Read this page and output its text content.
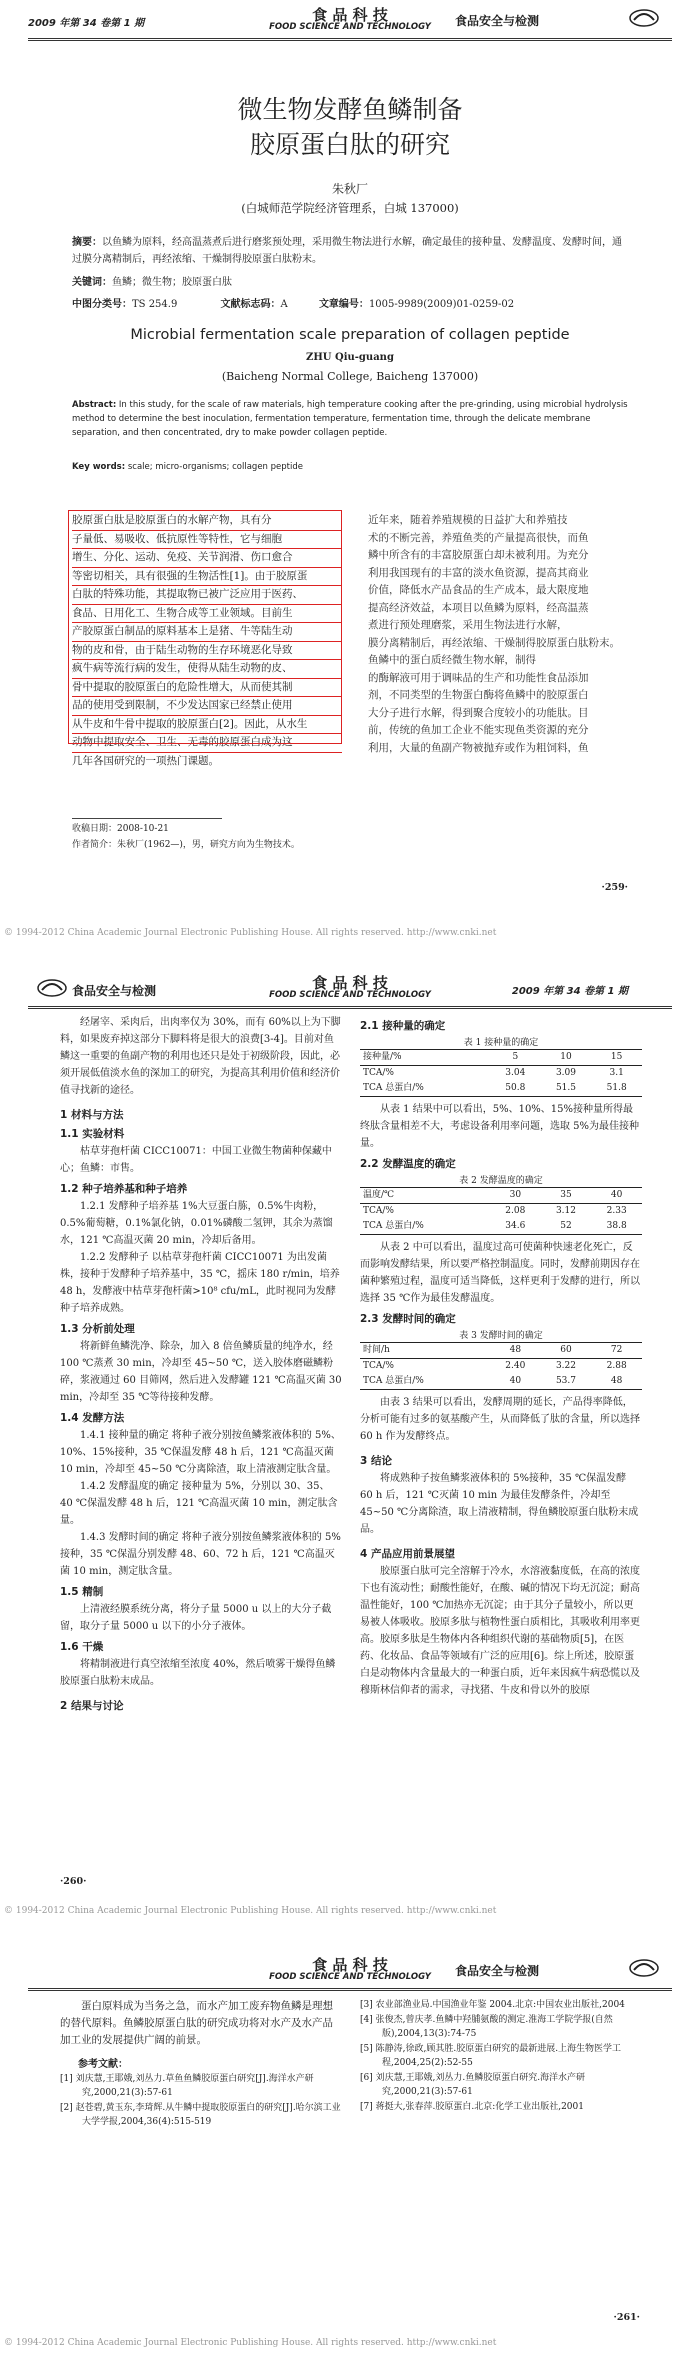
2009 年第 34 卷第 1 期	食 品 科 技
FOOD SCIENCE AND TECHNOLOGY	食品安全与检测
微生物发酵鱼鳞制备
胶原蛋白肽的研究
朱秋厂
(白城师范学院经济管理系，白城 137000)
摘要：以鱼鳞为原料，经高温蒸煮后进行磨浆预处理，采用微生物法进行水解，确定最佳的接种量、发酵温度、发酵时间，通过膜分离精制后，再经浓缩、干燥制得胶原蛋白肽粉末。
关键词：鱼鳞；微生物；胶原蛋白肽
中图分类号：TS 254.9	文献标志码：A	文章编号：1005-9989(2009)01-0259-02
Microbial fermentation scale preparation of collagen peptide
ZHU Qiu-guang
(Baicheng Normal College, Baicheng 137000)
Abstract: In this study, for the scale of raw materials, high temperature cooking after the pre-grinding, using microbial hydrolysis method to determine the best inoculation, fermentation temperature, fermentation time, through the delicate membrane separation, and then concentrated, dry to make powder collagen peptide.
Key words: scale; micro-organisms; collagen peptide
胶原蛋白肽是胶原蛋白的水解产物，具有分
子量低、易吸收、低抗原性等特性，它与细胞
增生、分化、运动、免疫、关节润滑、伤口愈合
等密切相关，具有很强的生物活性[1]。由于胶原蛋
白肽的特殊功能，其提取物已被广泛应用于医药、
食品、日用化工、生物合成等工业领域。目前生
产胶原蛋白制品的原料基本上是猪、牛等陆生动
物的皮和骨，由于陆生动物的生存环境恶化导致
疯牛病等流行病的发生，使得从陆生动物的皮、
骨中提取的胶原蛋白的危险性增大，从而使其制
品的使用受到限制，不少发达国家已经禁止使用
从牛皮和牛骨中提取的胶原蛋白[2]。因此，从水生
动物中提取安全、卫生、无毒的胶原蛋白成为这
几年各国研究的一项热门课题。
近年来，随着养殖规模的日益扩大和养殖技
术的不断完善，养殖鱼类的产量提高很快，而鱼
鳞中所含有的丰富胶原蛋白却未被利用。为充分
利用我国现有的丰富的淡水鱼资源，提高其商业
价值，降低水产品食品的生产成本，最大限度地
提高经济效益，本项目以鱼鳞为原料，经高温蒸
煮进行预处理磨浆，采用生物法进行水解，
膜分离精制后，再经浓缩、干燥制得胶原蛋白肽粉末。
鱼鳞中的蛋白质经微生物水解，制得
的酶解液可用于调味品的生产和功能性食品添加
剂，不同类型的生物蛋白酶将鱼鳞中的胶原蛋白
大分子进行水解，得到聚合度较小的功能肽。目
前，传统的鱼加工企业不能实现鱼类资源的充分
利用，大量的鱼副产物被抛弃或作为粗饲料，鱼
收稿日期：2008-10-21
作者简介：朱秋厂(1962—)，男，研究方向为生物技术。
·259·
© 1994-2012 China Academic Journal Electronic Publishing House. All rights reserved. http://www.cnki.net
食品安全与检测	食 品 科 技
FOOD SCIENCE AND TECHNOLOGY	2009 年第 34 卷第 1 期

经屠宰、采肉后，出肉率仅为 30%，而有 60%以上为下脚料，如果废弃掉这部分下脚料将是很大的浪费[3-4]。目前对鱼鳞这一重要的鱼副产物的利用也还只是处于初级阶段，因此，必须开展低值淡水鱼的深加工的研究，为提高其利用价值和经济价值寻找新的途径。

1 材料与方法
1.1 实验材料

枯草芽孢杆菌 CICC10071：中国工业微生物菌种保藏中心；鱼鳞：市售。

1.2 种子培养基和种子培养

1.2.1 发酵种子培养基 1%大豆蛋白胨，0.5%牛肉粉，0.5%葡萄糖，0.1%氯化钠，0.01%磷酸二氢钾，其余为蒸馏水，121 ℃高温灭菌 20 min，冷却后备用。

1.2.2 发酵种子 以枯草芽孢杆菌 CICC10071 为出发菌株，接种于发酵种子培养基中，35 ℃，摇床 180 r/min，培养 48 h，发酵液中枯草芽孢杆菌>10⁸ cfu/mL，此时视同为发酵种子培养成熟。

1.3 分析前处理

将新鲜鱼鳞洗净、除杂，加入 8 倍鱼鳞质量的纯净水，经 100 ℃蒸煮 30 min，冷却至 45~50 ℃，送入胶体磨磁鳞粉碎，浆液通过 60 目筛网，然后进入发酵罐 121 ℃高温灭菌 30 min，冷却至 35 ℃等待接种发酵。

1.4 发酵方法

1.4.1 接种量的确定 将种子液分别按鱼鳞浆液体积的 5%、10%、15%接种，35 ℃保温发酵 48 h 后，121 ℃高温灭菌 10 min，冷却至 45~50 ℃分离除渣，取上清液测定肽含量。

1.4.2 发酵温度的确定 接种量为 5%，分别以 30、35、40 ℃保温发酵 48 h 后，121 ℃高温灭菌 10 min，测定肽含量。

1.4.3 发酵时间的确定 将种子液分别按鱼鳞浆液体积的 5%接种，35 ℃保温分别发酵 48、60、72 h 后，121 ℃高温灭菌 10 min，测定肽含量。

1.5 精制

上清液经膜系统分离，将分子量 5000 u 以上的大分子截留，取分子量 5000 u 以下的小分子液体。

1.6 干燥

将精制液进行真空浓缩至浓度 40%，然后喷雾干燥得鱼鳞胶原蛋白肽粉末成品。

2 结果与讨论
2.1 接种量的确定
表 1 接种量的确定
接种量/%	5	10	15
TCA/%	3.04	3.09	3.1
TCA 总蛋白/%	50.8	51.5	51.8

从表 1 结果中可以看出，5%、10%、15%接种量所得最终肽含量相差不大，考虑设备利用率问题，选取 5%为最佳接种量。

2.2 发酵温度的确定
表 2 发酵温度的确定
温度/℃	30	35	40
TCA/%	2.08	3.12	2.33
TCA 总蛋白/%	34.6	52	38.8

从表 2 中可以看出，温度过高可使菌种快速老化死亡，反而影响发酵结果，所以要严格控制温度。同时，发酵前期因存在菌种繁殖过程，温度可适当降低，这样更利于发酵的进行，所以选择 35 ℃作为最佳发酵温度。

2.3 发酵时间的确定
表 3 发酵时间的确定
时间/h	48	60	72
TCA/%	2.40	3.22	2.88
TCA 总蛋白/%	40	53.7	48

由表 3 结果可以看出，发酵周期的延长，产品得率降低，分析可能有过多的氨基酸产生，从而降低了肽的含量，所以选择 60 h 作为发酵终点。

3 结论

将成熟种子按鱼鳞浆液体积的 5%接种，35 ℃保温发酵 60 h 后，121 ℃灭菌 10 min 为最佳发酵条件，冷却至 45~50 ℃分离除渣，取上清液精制，得鱼鳞胶原蛋白肽粉末成品。

4 产品应用前景展望

胶原蛋白肽可完全溶解于冷水，水溶液黏度低，在高的浓度下也有流动性；耐酸性能好，在酸、碱的情况下均无沉淀；耐高温性能好，100 ℃加热亦无沉淀；由于其分子量较小，所以更易被人体吸收。胶原多肽与植物性蛋白质相比，其吸收利用率更高。胶原多肽是生物体内各种组织代谢的基础物质[5]，在医药、化妆品、食品等领域有广泛的应用[6]。综上所述，胶原蛋白是动物体内含量最大的一种蛋白质，近年来因疯牛病恐慌以及穆斯林信仰者的需求，寻找猪、牛皮和骨以外的胶原

·260·
© 1994-2012 China Academic Journal Electronic Publishing House. All rights reserved. http://www.cnki.net
食 品 科 技
FOOD SCIENCE AND TECHNOLOGY	食品安全与检测

蛋白原料成为当务之急，而水产加工废弃物鱼鳞是理想的替代原料。鱼鳞胶原蛋白肽的研究成功将对水产及水产品加工业的发展提供广阔的前景。

参考文献：
[1] 刘庆慧,王耶娥,刘丛力.草鱼鱼鳞胶原蛋白研究[J].海洋水产研究,2000,21(3):57-61
[2] 赵苍碧,黄玉东,李琦辉.从牛鳞中提取胶原蛋白的研究[J].哈尔滨工业大学学报,2004,36(4):515-519
[3] 农业部渔业局.中国渔业年鉴 2004.北京:中国农业出版社,2004
[4] 张俊杰,曾庆孝.鱼鳞中羟脯氨酸的测定.淮海工学院学报(自然版),2004,13(3):74-75
[5] 陈静涛,徐政,顾其胜.胶原蛋白研究的最新进展.上海生物医学工程,2004,25(2):52-55
[6] 刘庆慧,王耶娥,刘丛力.鱼鳞胶原蛋白研究.海洋水产研究,2000,21(3):57-61
[7] 蒋挺大,张春萍.胶原蛋白.北京:化学工业出版社,2001
·261·
© 1994-2012 China Academic Journal Electronic Publishing House. All rights reserved. http://www.cnki.net
